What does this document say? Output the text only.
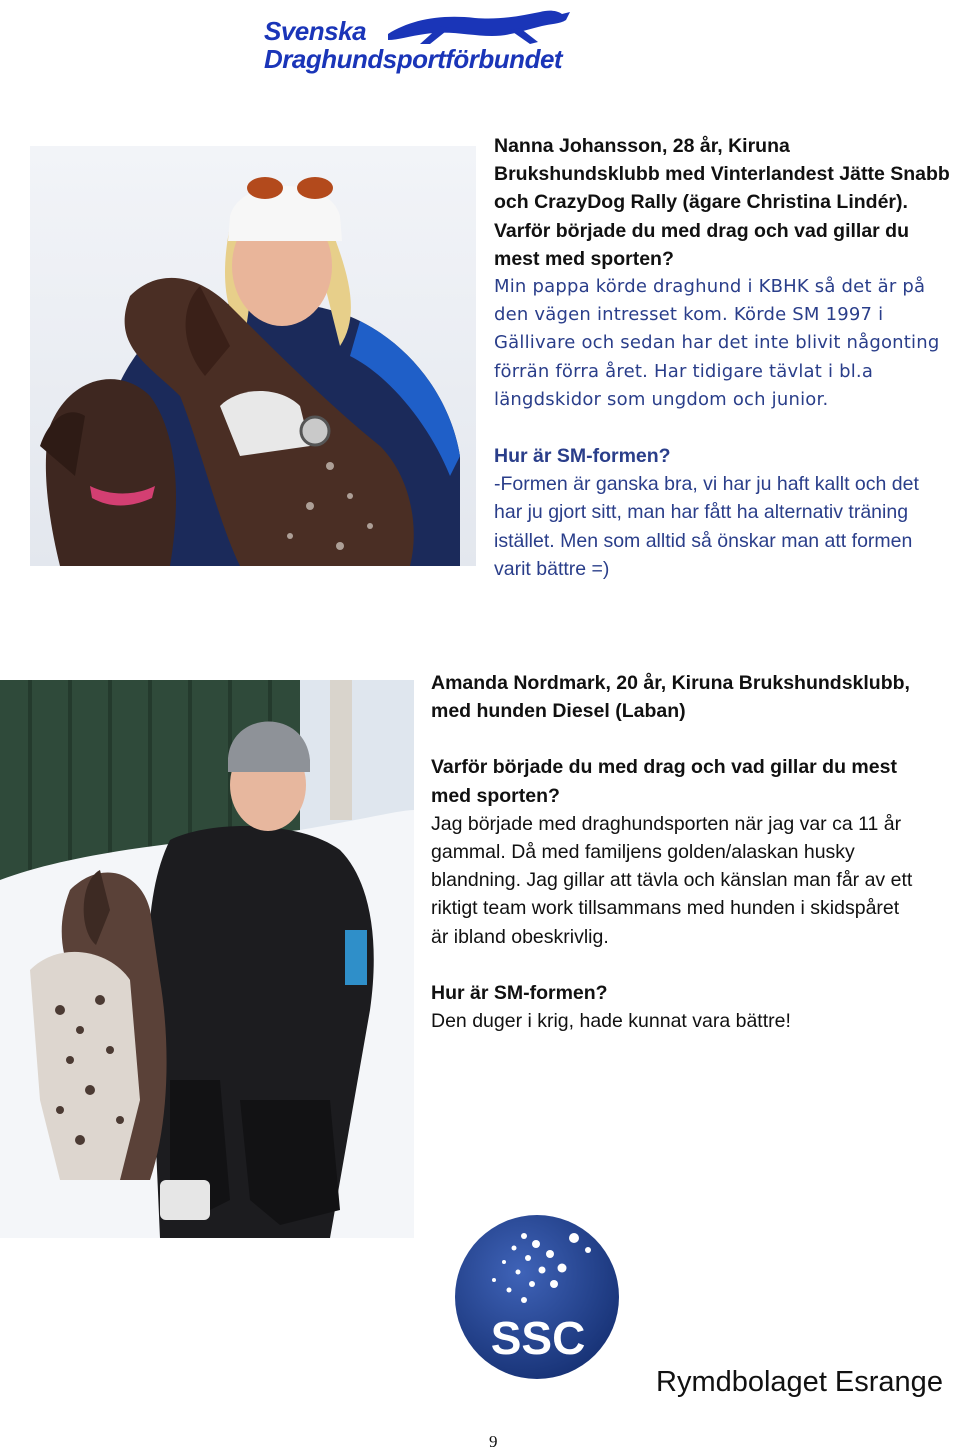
Svenska
Draghundsportförbundet
Nanna Johansson, 28 år, Kiruna
Brukshundsklubb med Vinterlandest Jätte Snabb
och CrazyDog Rally (ägare Christina Lindér).
Varför började du med drag och vad gillar du
mest med sporten?
Min pappa körde draghund i KBHK så det är på
den vägen intresset kom. Körde SM 1997 i
Gällivare och sedan har det inte blivit någonting
förrän förra året. Har tidigare tävlat i bl.a
längdskidor som ungdom och junior.
Hur är SM-formen?
-Formen är ganska bra, vi har ju haft kallt och det
har ju gjort sitt, man har fått ha alternativ träning
istället. Men som alltid så önskar man att formen
varit bättre =)
Amanda Nordmark, 20 år, Kiruna Brukshundsklubb,
med hunden Diesel (Laban)
Varför började du med drag och vad gillar du mest
med sporten?
Jag började med draghundsporten när jag var ca 11 år
gammal. Då med familjens golden/alaskan husky
blandning. Jag gillar att tävla och känslan man får av ett
riktigt team work tillsammans med hunden i skidspåret
är ibland obeskrivlig.
Hur är SM-formen?
Den duger i krig, hade kunnat vara bättre!
SSC
Rymdbolaget Esrange
9
